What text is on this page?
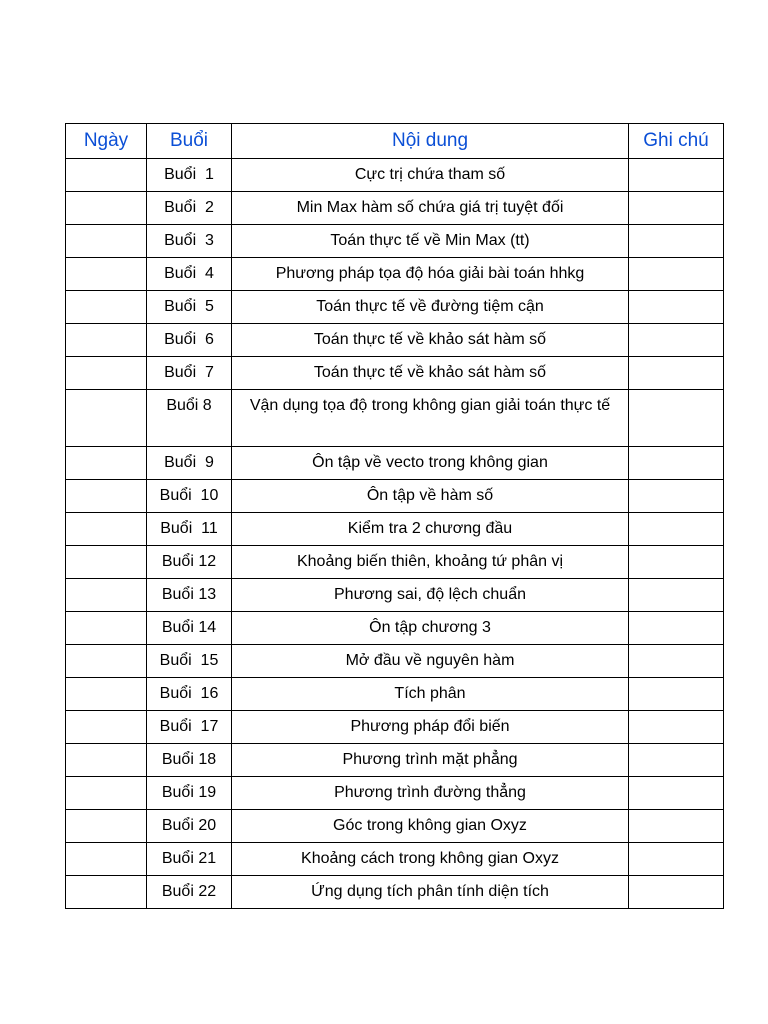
Ngày	Buổi	Nội dung	Ghi chú
	Buổi  1	Cực trị chứa tham số	
	Buổi  2	Min Max hàm số chứa giá trị tuyệt đối	
	Buổi  3	Toán thực tế về Min Max (tt)	
	Buổi  4	Phương pháp tọa độ hóa giải bài toán hhkg	
	Buổi  5	Toán thực tế về đường tiệm cận	
	Buổi  6	Toán thực tế về khảo sát hàm số	
	Buổi  7	Toán thực tế về khảo sát hàm số	
	Buổi 8	Vận dụng tọa độ trong không gian giải toán thực tế	
	Buổi  9	Ôn tập về vecto trong không gian	
	Buổi  10	Ôn tập về hàm số	
	Buổi  11	Kiểm tra 2 chương đầu	
	Buổi 12	Khoảng biến thiên, khoảng tứ phân vị	
	Buổi 13	Phương sai, độ lệch chuẩn	
	Buổi 14	Ôn tập chương 3	
	Buổi  15	Mở đầu về nguyên hàm	
	Buổi  16	Tích phân	
	Buổi  17	Phương pháp đổi biến	
	Buổi 18	Phương trình mặt phẳng	
	Buổi 19	Phương trình đường thẳng	
	Buổi 20	Góc trong không gian Oxyz	
	Buổi 21	Khoảng cách trong không gian Oxyz	
	Buổi 22	Ứng dụng tích phân tính diện tích	
